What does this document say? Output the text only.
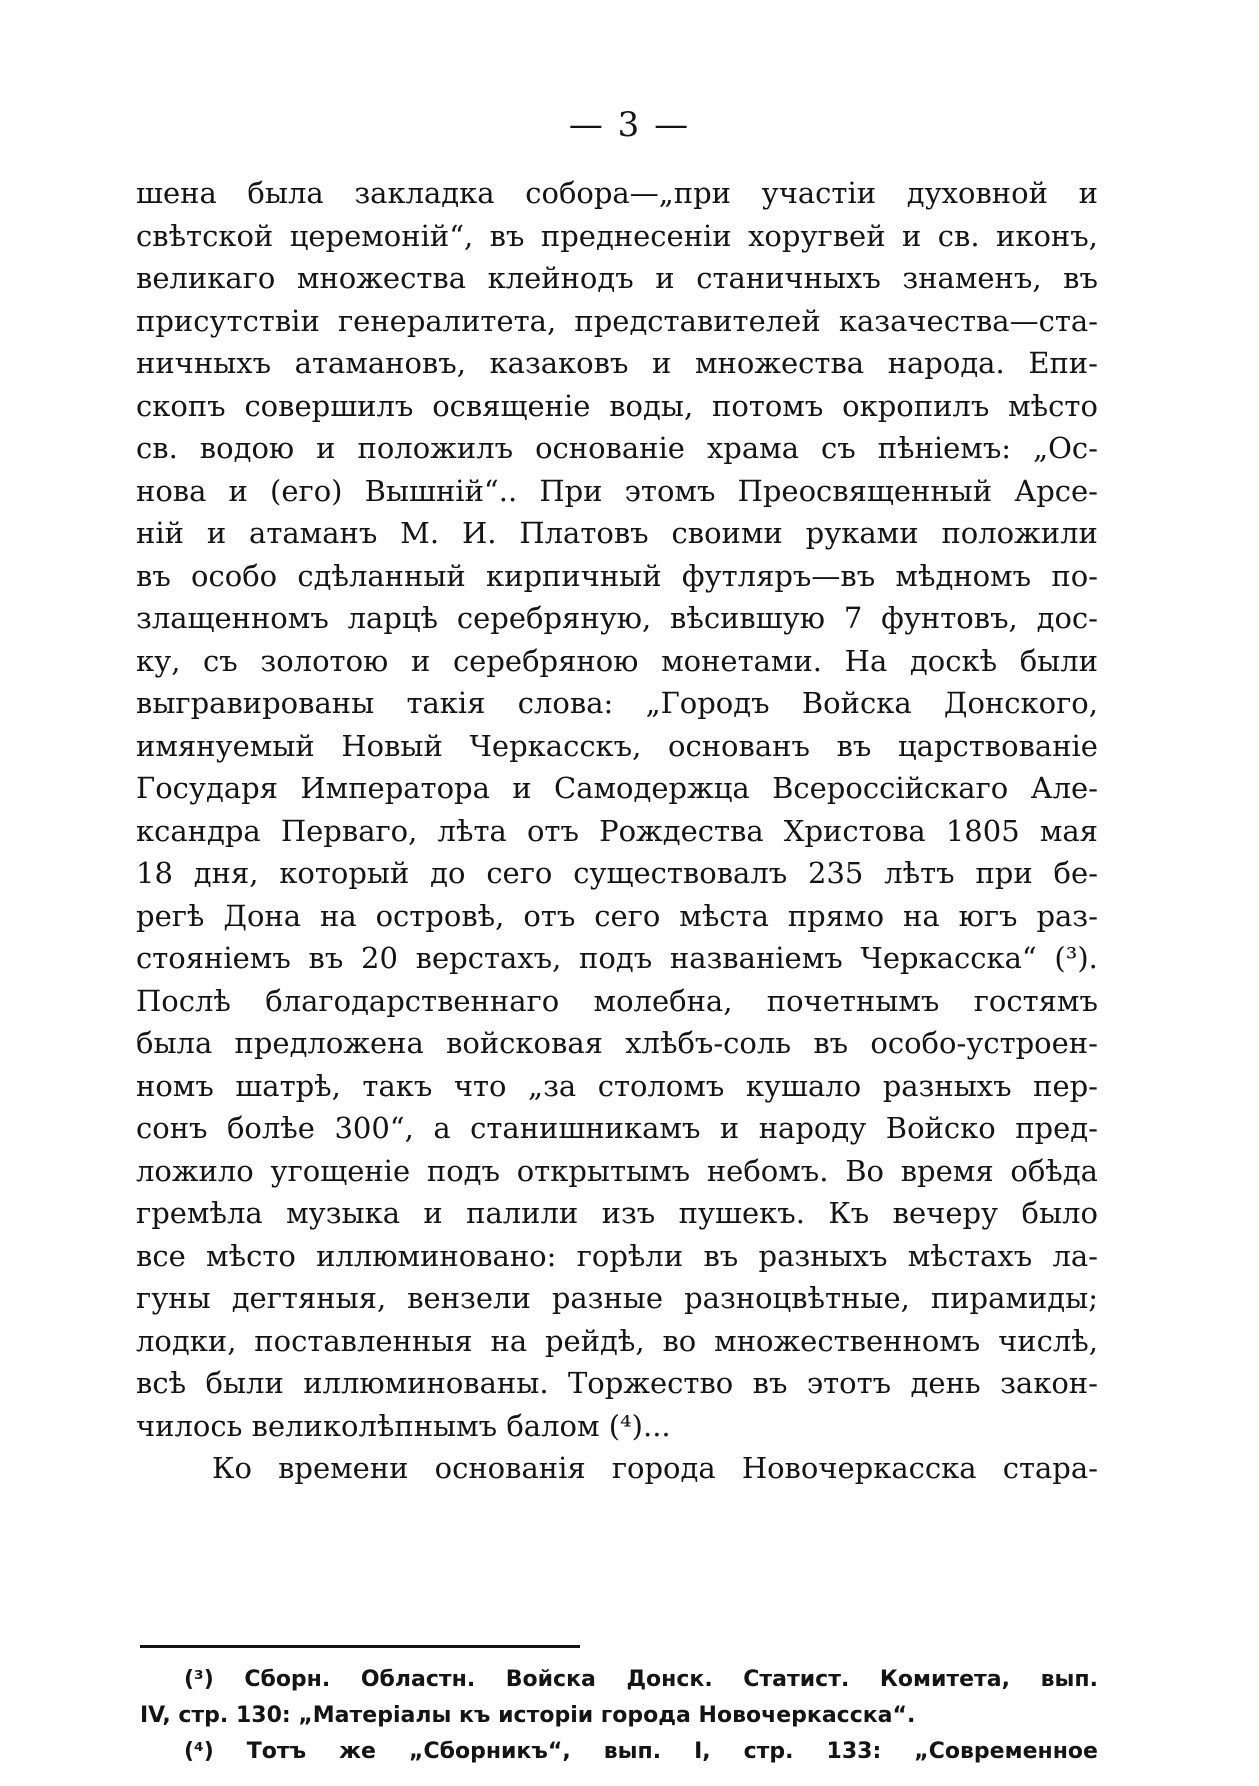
— 3 —
шена была закладка собора—„при участіи духовной и
свѣтской церемоній“, въ преднесеніи хоругвей и св. иконъ,
великаго множества клейнодъ и станичныхъ знаменъ, въ
присутствіи генералитета, представителей казачества—ста-
ничныхъ атамановъ, казаковъ и множества народа. Епи-
скопъ совершилъ освященіе воды, потомъ окропилъ мѣсто
св. водою и положилъ основаніе храма съ пѣніемъ: „Ос-
нова и (его) Вышній“.. При этомъ Преосвященный Арсе-
ній и атаманъ М. И. Платовъ своими руками положили
въ особо сдѣланный кирпичный футляръ—въ мѣдномъ по-
злащенномъ ларцѣ серебряную, вѣсившую 7 фунтовъ, дос-
ку, съ золотою и серебряною монетами. На доскѣ были
выгравированы такія слова: „Городъ Войска Донского,
имянуемый Новый Черкасскъ, основанъ въ царствованіе
Государя Императора и Самодержца Всероссійскаго Але-
ксандра Перваго, лѣта отъ Рождества Христова 1805 мая
18 дня, который до сего существовалъ 235 лѣтъ при бе-
регѣ Дона на островѣ, отъ сего мѣста прямо на югъ раз-
стояніемъ въ 20 верстахъ, подъ названіемъ Черкасска“ (³).
Послѣ благодарственнаго молебна, почетнымъ гостямъ
была предложена войсковая хлѣбъ-соль въ особо-устроен-
номъ шатрѣ, такъ что „за столомъ кушало разныхъ пер-
сонъ болѣе 300“, а станишникамъ и народу Войско пред-
ложило угощеніе подъ открытымъ небомъ. Во время обѣда
гремѣла музыка и палили изъ пушекъ. Къ вечеру было
все мѣсто иллюминовано: горѣли въ разныхъ мѣстахъ ла-
гуны дегтяныя, вензели разные разноцвѣтные, пирамиды;
лодки, поставленныя на рейдѣ, во множественномъ числѣ,
всѣ были иллюминованы. Торжество въ этотъ день закон-
чилось великолѣпнымъ балом (⁴)...
Ко времени основанія города Новочеркасска стара-
(³) Сборн. Областн. Войска Донск. Статист. Комитета, вып.
IV, стр. 130: „Матеріалы къ исторіи города Новочеркасска“.
(⁴) Тотъ же „Сборникъ“, вып. I, стр. 133: „Современное
